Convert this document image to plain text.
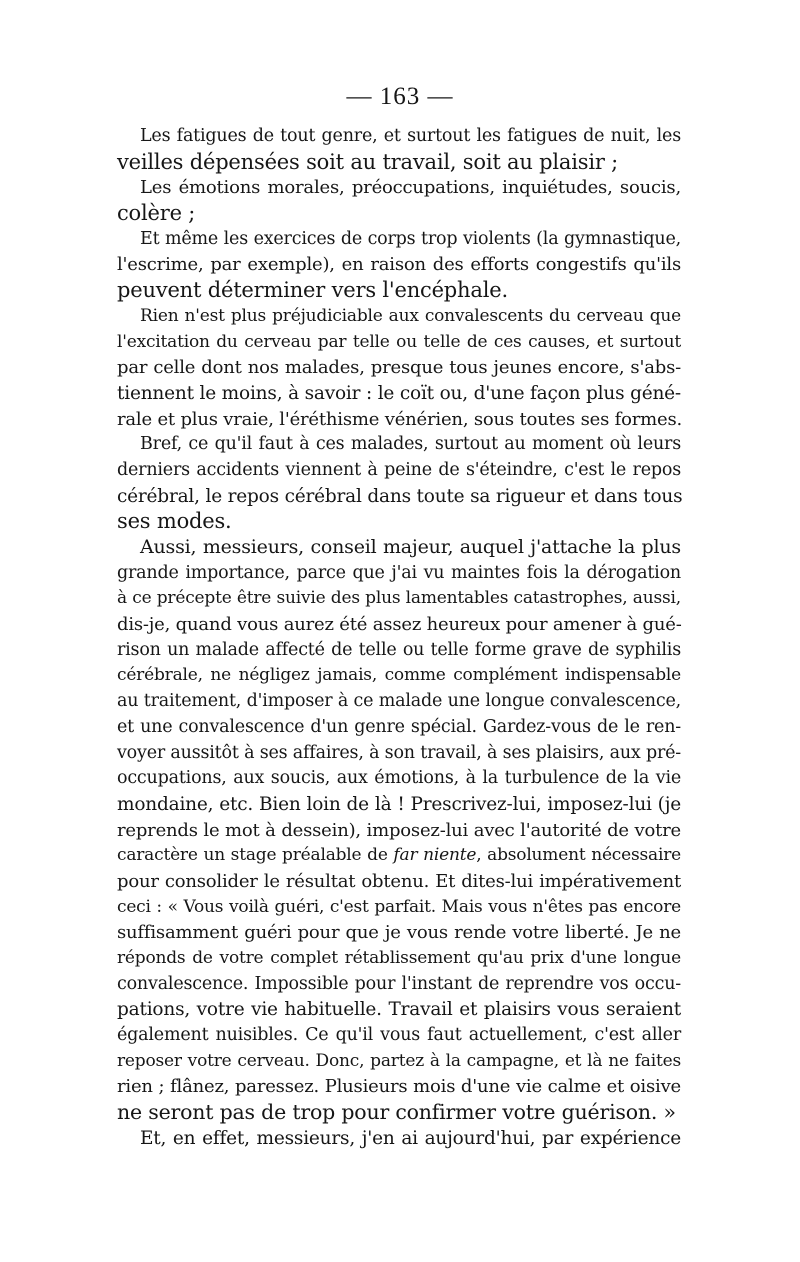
— 163 —
Les fatigues de tout genre, et surtout les fatigues de nuit, les
veilles dépensées soit au travail, soit au plaisir ;
Les émotions morales, préoccupations, inquiétudes, soucis,
colère ;
Et même les exercices de corps trop violents (la gymnastique,
l'escrime, par exemple), en raison des efforts congestifs qu'ils
peuvent déterminer vers l'encéphale.
Rien n'est plus préjudiciable aux convalescents du cerveau que
l'excitation du cerveau par telle ou telle de ces causes, et surtout
par celle dont nos malades, presque tous jeunes encore, s'abs-
tiennent le moins, à savoir : le coït ou, d'une façon plus géné-
rale et plus vraie, l'éréthisme vénérien, sous toutes ses formes.
Bref, ce qu'il faut à ces malades, surtout au moment où leurs
derniers accidents viennent à peine de s'éteindre, c'est le repos
cérébral, le repos cérébral dans toute sa rigueur et dans tous
ses modes.
Aussi, messieurs, conseil majeur, auquel j'attache la plus
grande importance, parce que j'ai vu maintes fois la dérogation
à ce précepte être suivie des plus lamentables catastrophes, aussi,
dis-je, quand vous aurez été assez heureux pour amener à gué-
rison un malade affecté de telle ou telle forme grave de syphilis
cérébrale, ne négligez jamais, comme complément indispensable
au traitement, d'imposer à ce malade une longue convalescence,
et une convalescence d'un genre spécial. Gardez-vous de le ren-
voyer aussitôt à ses affaires, à son travail, à ses plaisirs, aux pré-
occupations, aux soucis, aux émotions, à la turbulence de la vie
mondaine, etc. Bien loin de là ! Prescrivez-lui, imposez-lui (je
reprends le mot à dessein), imposez-lui avec l'autorité de votre
caractère un stage préalable de far niente, absolument nécessaire
pour consolider le résultat obtenu. Et dites-lui impérativement
ceci : « Vous voilà guéri, c'est parfait. Mais vous n'êtes pas encore
suffisamment guéri pour que je vous rende votre liberté. Je ne
réponds de votre complet rétablissement qu'au prix d'une longue
convalescence. Impossible pour l'instant de reprendre vos occu-
pations, votre vie habituelle. Travail et plaisirs vous seraient
également nuisibles. Ce qu'il vous faut actuellement, c'est aller
reposer votre cerveau. Donc, partez à la campagne, et là ne faites
rien ; flânez, paressez. Plusieurs mois d'une vie calme et oisive
ne seront pas de trop pour confirmer votre guérison. »
Et, en effet, messieurs, j'en ai aujourd'hui, par expérience
